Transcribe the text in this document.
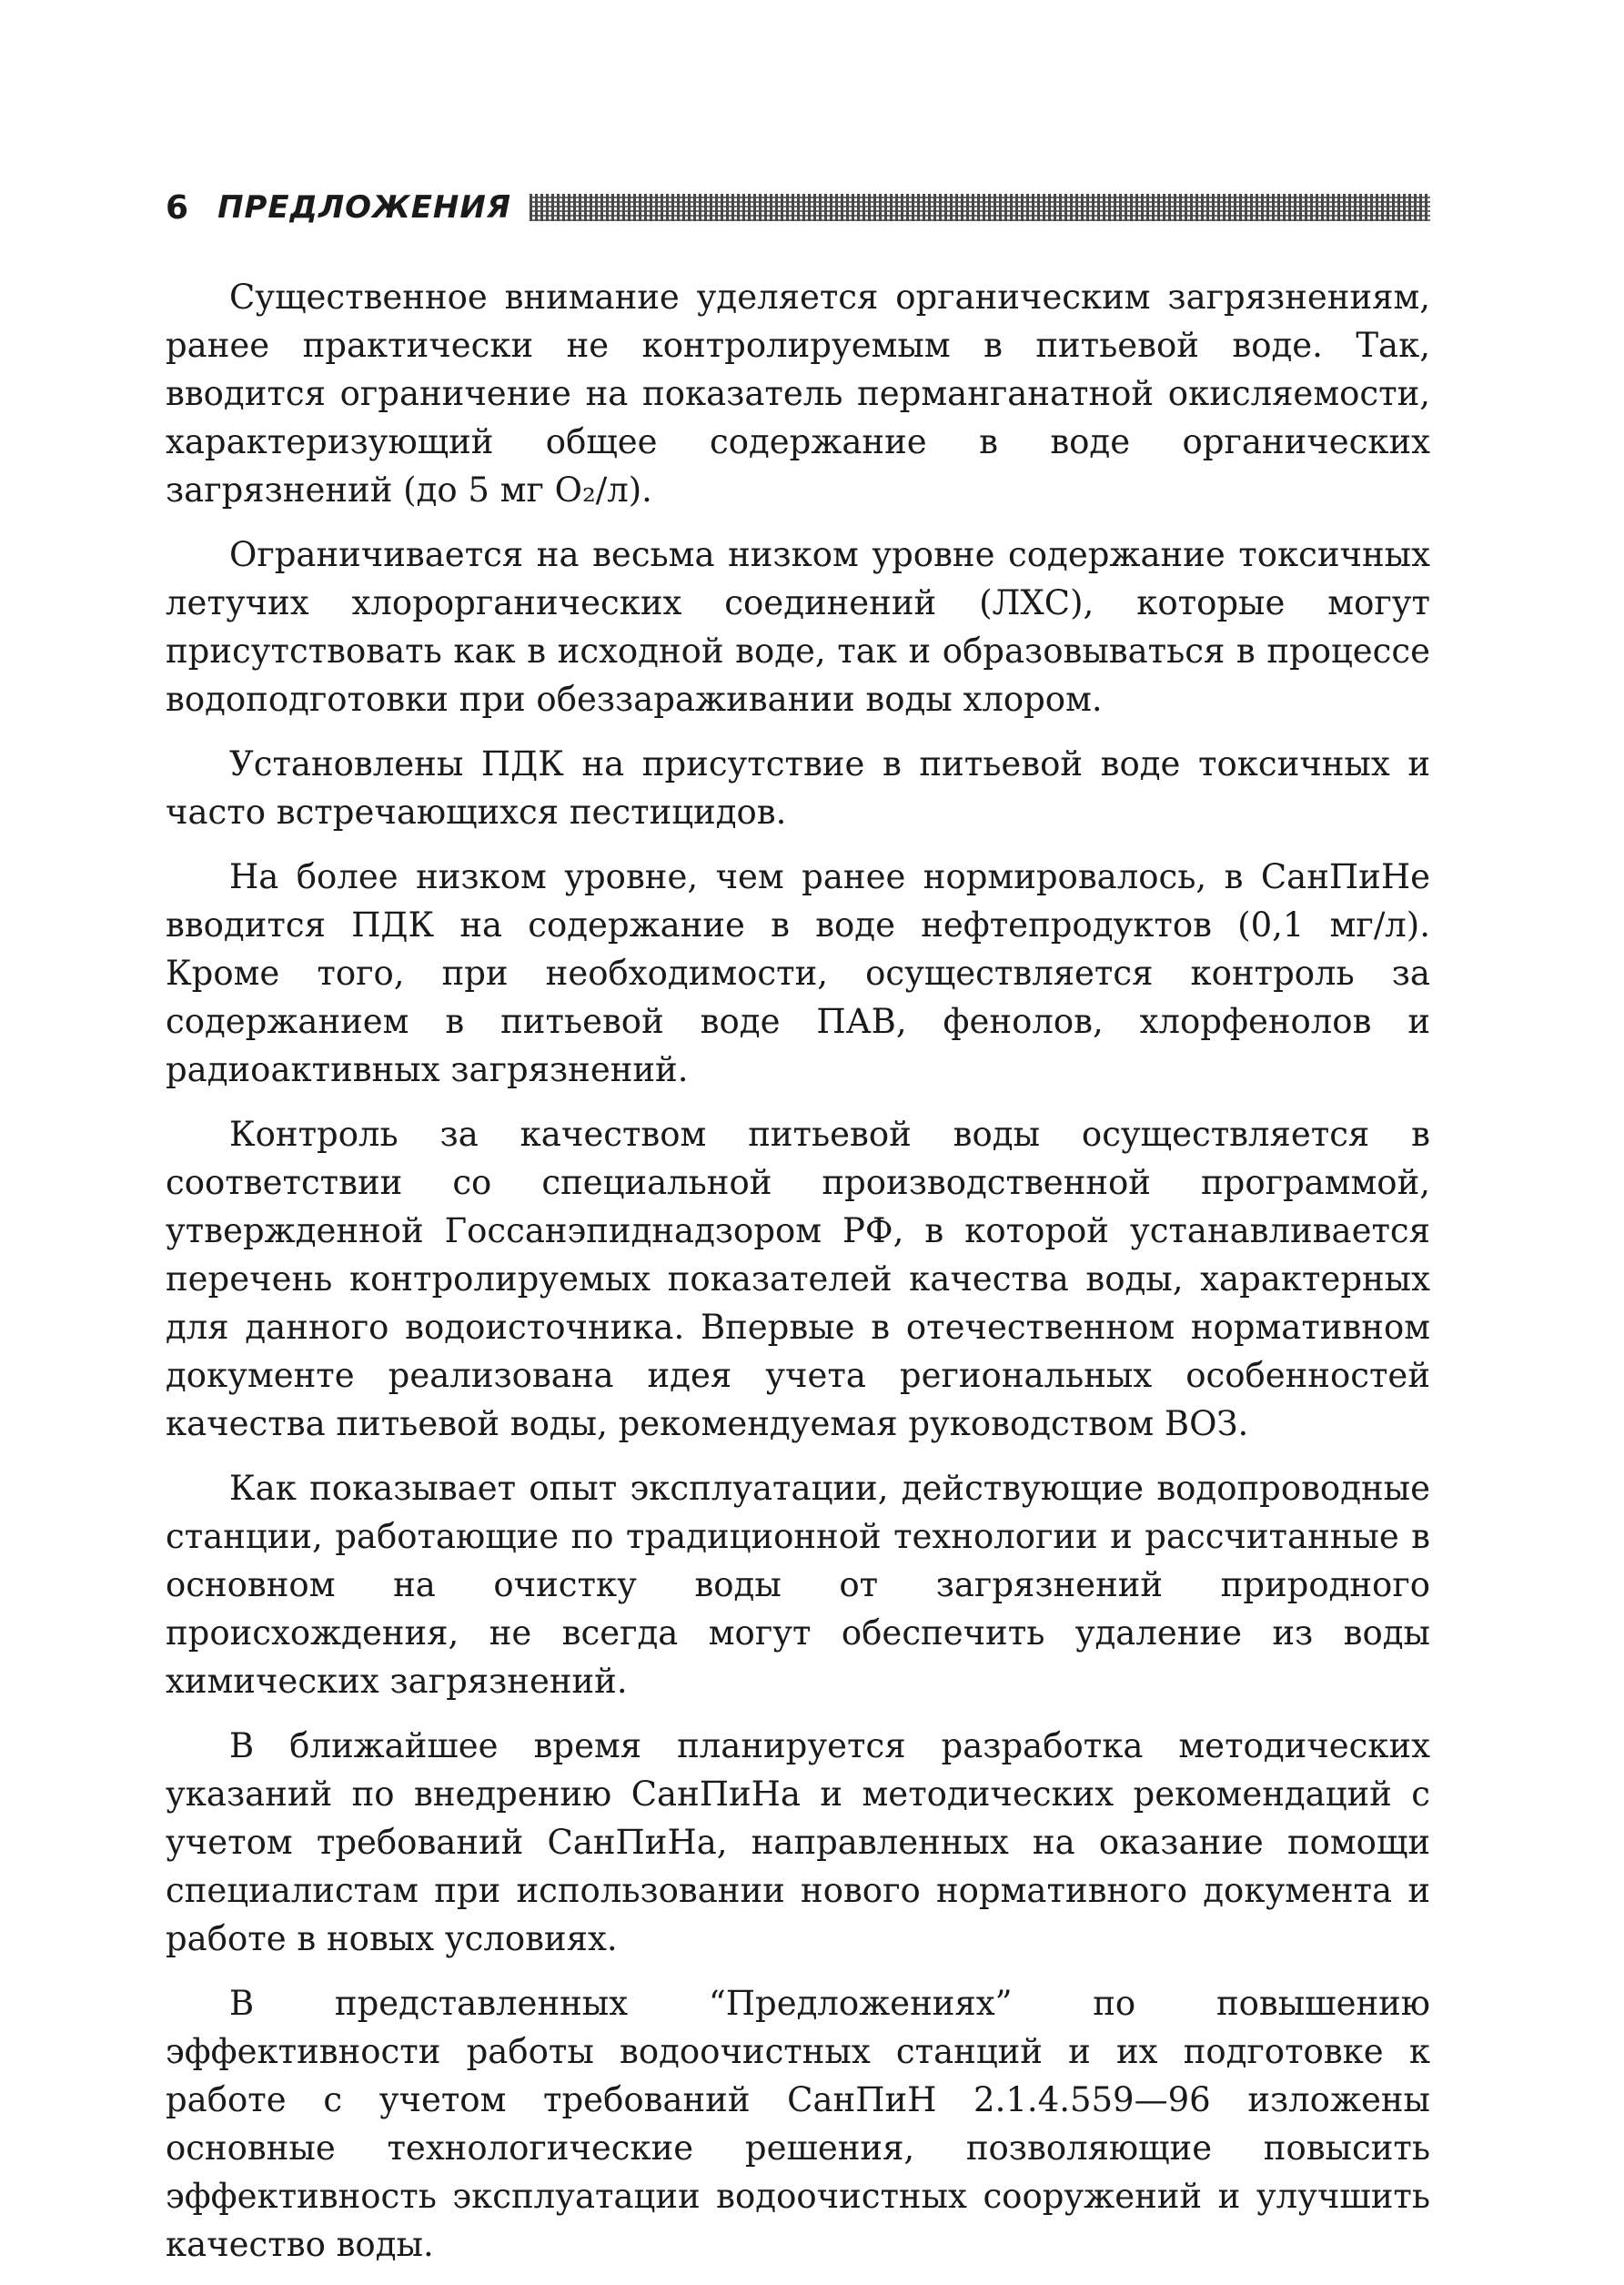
6 ПРЕДЛОЖЕНИЯ

Существенное внимание уделяется органическим загрязнениям, ранее практически не контролируемым в питьевой воде. Так, вводится ограничение на показатель перманганатной окисляемости, характеризующий общее содержание в воде органических загрязнений (до 5 мг O₂/л).

Ограничивается на весьма низком уровне содержание токсичных летучих хлорорганических соединений (ЛХС), которые могут присутствовать как в исходной воде, так и образовываться в процессе водоподготовки при обеззараживании воды хлором.

Установлены ПДК на присутствие в питьевой воде токсичных и часто встречающихся пестицидов.

На более низком уровне, чем ранее нормировалось, в СанПиНе вводится ПДК на содержание в воде нефтепродуктов (0,1 мг/л). Кроме того, при необходимости, осуществляется контроль за содержанием в питьевой воде ПАВ, фенолов, хлорфенолов и радиоактивных загрязнений.

Контроль за качеством питьевой воды осуществляется в соответствии со специальной производственной программой, утвержденной Госсанэпиднадзором РФ, в которой устанавливается перечень контролируемых показателей качества воды, характерных для данного водоисточника. Впервые в отечественном нормативном документе реализована идея учета региональных особенностей качества питьевой воды, рекомендуемая руководством ВОЗ.

Как показывает опыт эксплуатации, действующие водопроводные станции, работающие по традиционной технологии и рассчитанные в основном на очистку воды от загрязнений природного происхождения, не всегда могут обеспечить удаление из воды химических загрязнений.

В ближайшее время планируется разработка методических указаний по внедрению СанПиНа и методических рекомендаций с учетом требований СанПиНа, направленных на оказание помощи специалистам при использовании нового нормативного документа и работе в новых условиях.

В представленных “Предложениях” по повышению эффективности работы водоочистных станций и их подготовке к работе с учетом требований СанПиН 2.1.4.559—96 изложены основные технологические решения, позволяющие повысить эффективность эксплуатации водоочистных сооружений и улучшить качество воды.
